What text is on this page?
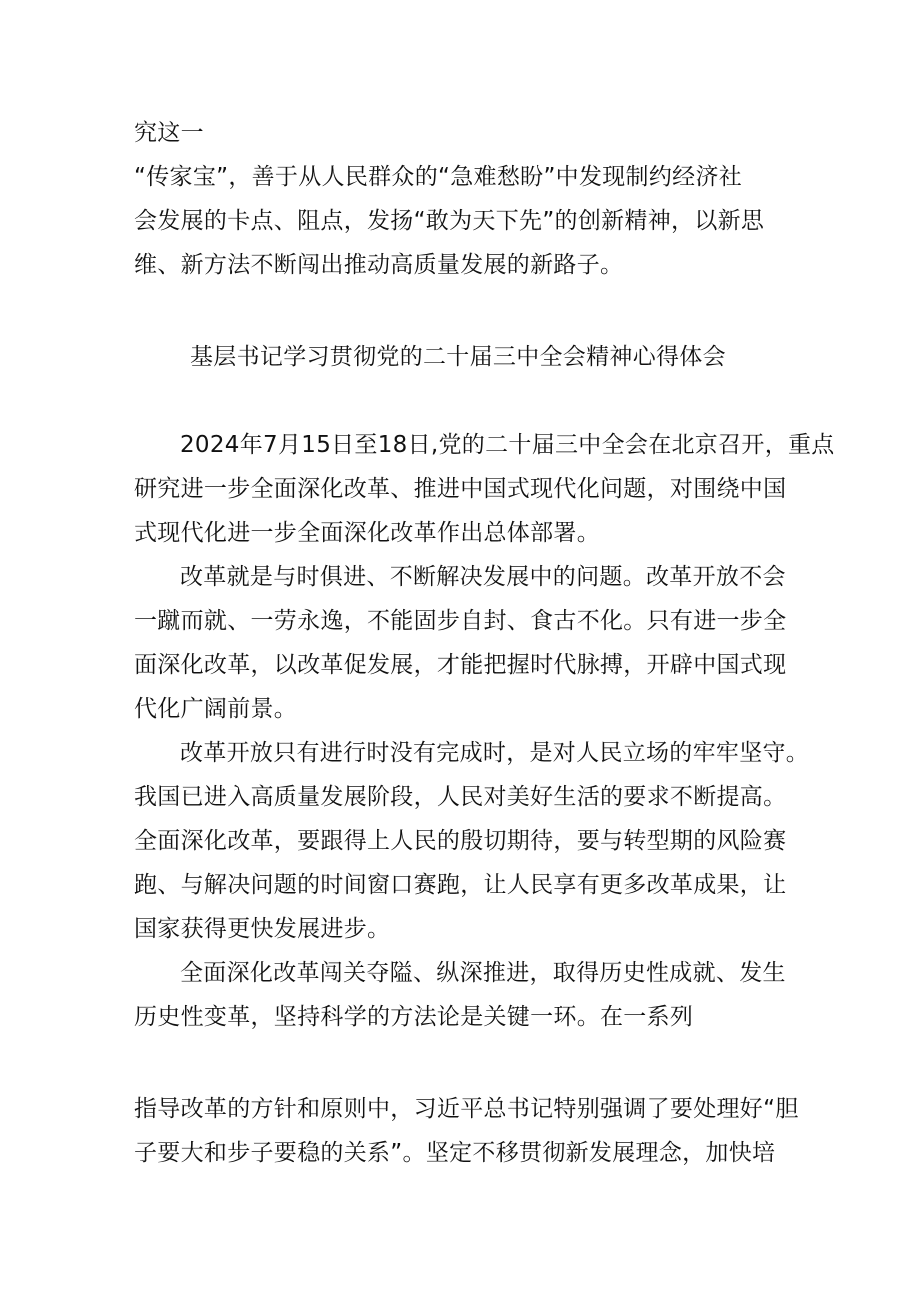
究这一
“传家宝”，善于从人民群众的“急难愁盼”中发现制约经济社
会发展的卡点、阻点，发扬“敢为天下先”的创新精神，以新思
维、新方法不断闯出推动高质量发展的新路子。
基层书记学习贯彻党的二十届三中全会精神心得体会
2024年7月15日至18日,党的二十届三中全会在北京召开，重点
研究进一步全面深化改革、推进中国式现代化问题，对围绕中国
式现代化进一步全面深化改革作出总体部署。
改革就是与时俱进、不断解决发展中的问题。改革开放不会
一蹴而就、一劳永逸，不能固步自封、食古不化。只有进一步全
面深化改革，以改革促发展，才能把握时代脉搏，开辟中国式现
代化广阔前景。
改革开放只有进行时没有完成时，是对人民立场的牢牢坚守。
我国已进入高质量发展阶段，人民对美好生活的要求不断提高。
全面深化改革，要跟得上人民的殷切期待，要与转型期的风险赛
跑、与解决问题的时间窗口赛跑，让人民享有更多改革成果，让
国家获得更快发展进步。
全面深化改革闯关夺隘、纵深推进，取得历史性成就、发生
历史性变革，坚持科学的方法论是关键一环。在一系列
指导改革的方针和原则中，习近平总书记特别强调了要处理好“胆
子要大和步子要稳的关系”。坚定不移贯彻新发展理念，加快培
